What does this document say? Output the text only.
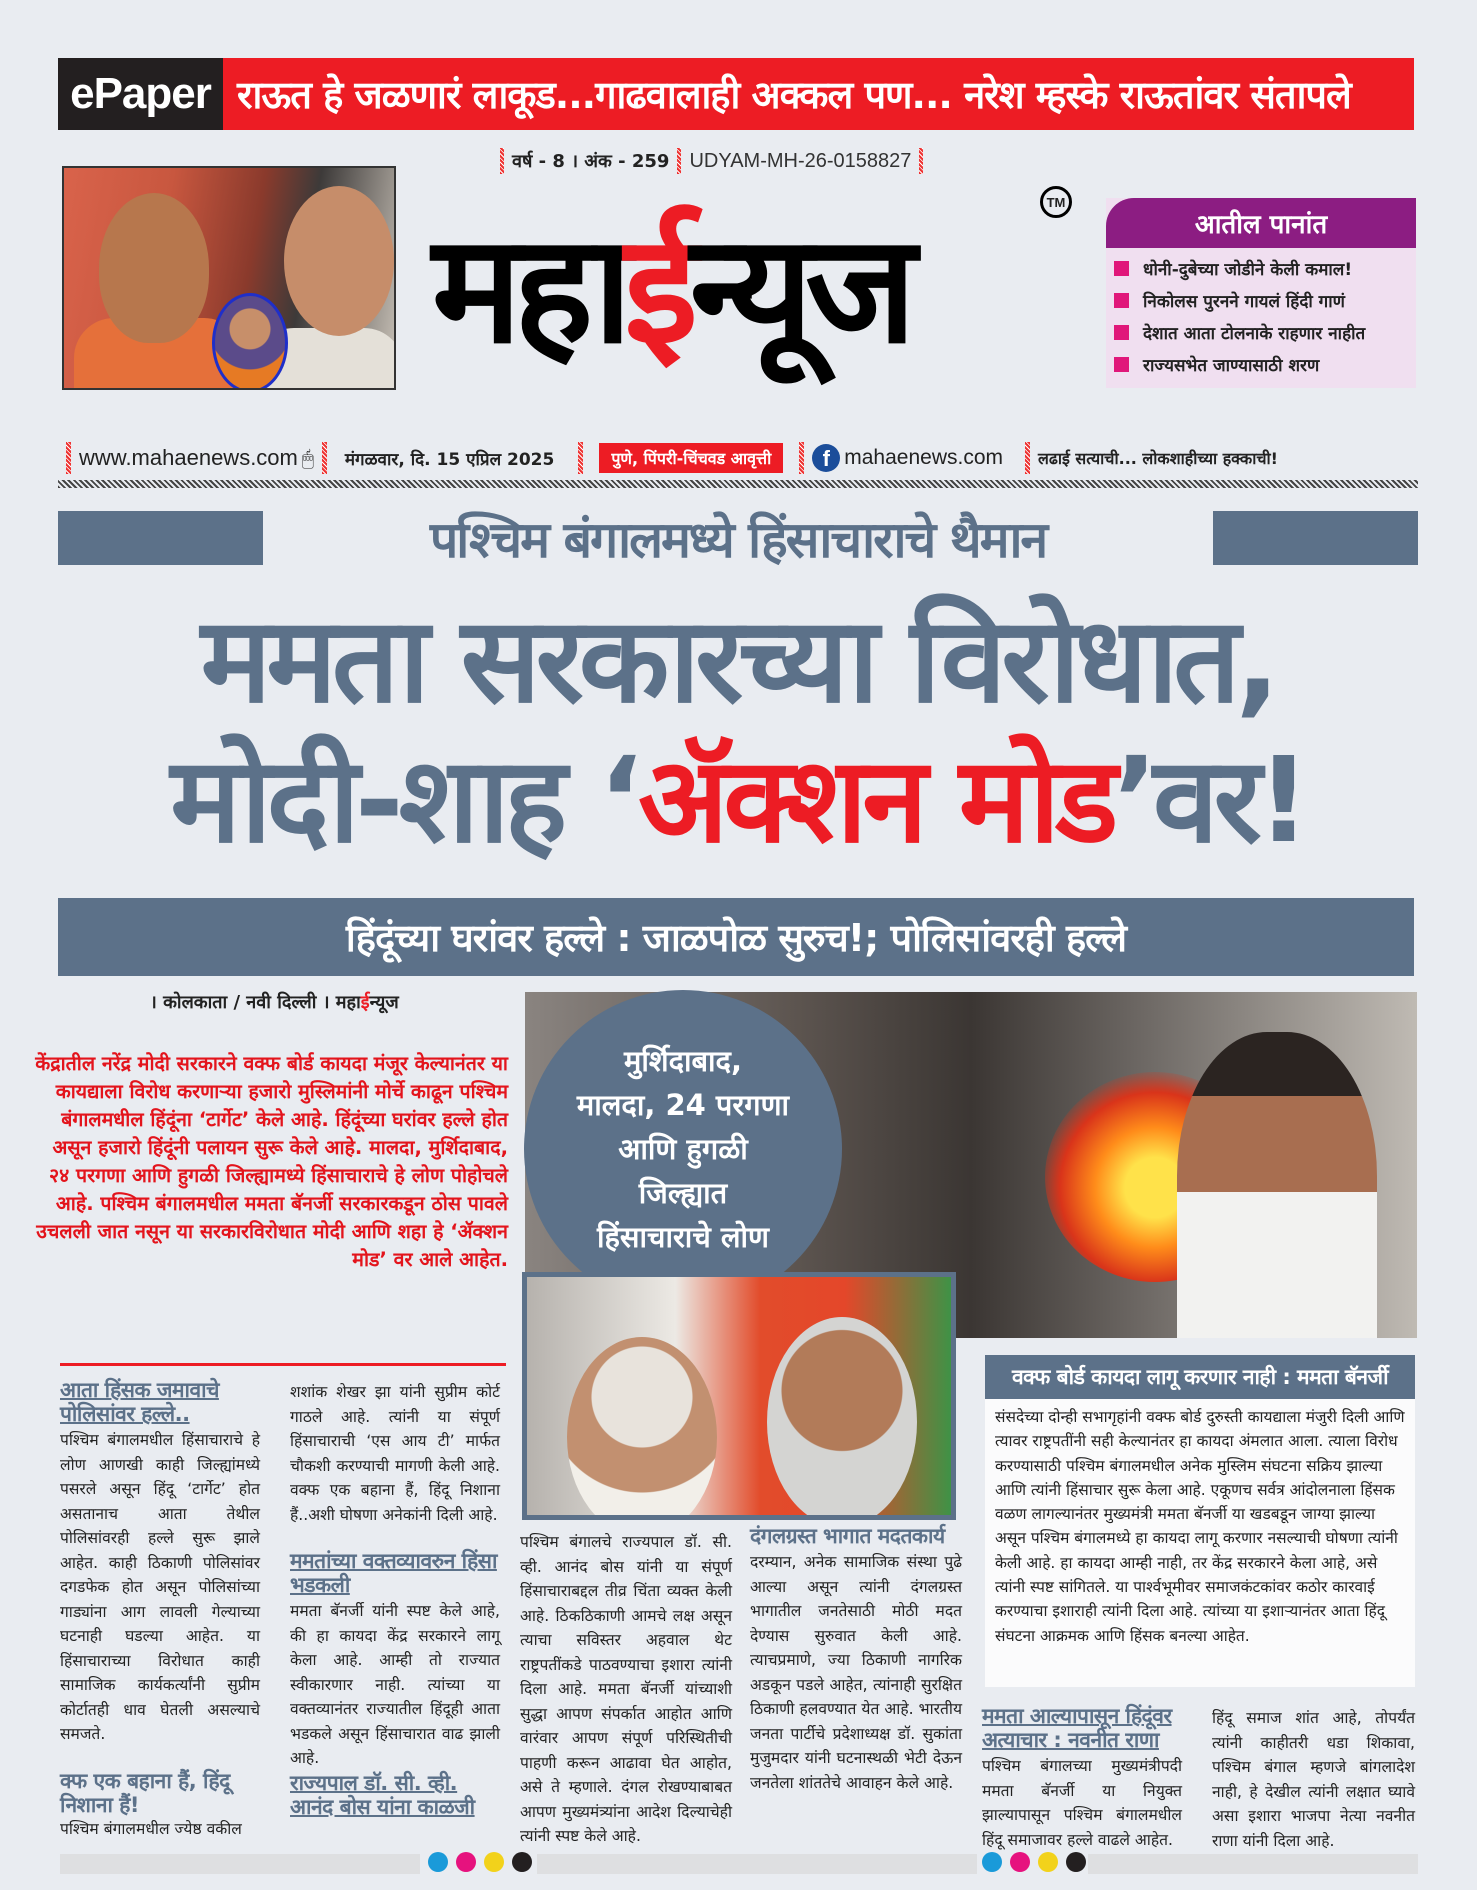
ePaper राऊत हे जळणारं लाकूड...गाढवालाही अक्कल पण... नरेश म्हस्के राऊतांवर संतापले
वर्ष - 8 । अंक - 259 UDYAM-MH-26-0158827
महाईन्यूज
TM
आतील पानांत
धोनी-दुबेच्या जोडीने केली कमाल!
निकोलस पुरनने गायलं हिंदी गाणं
देशात आता टोलनाके राहणार नाहीत
राज्यसभेत जाण्यासाठी शरण
www.mahaenews.com 🖱 मंगळवार, दि. 15 एप्रिल 2025	पुणे, पिंपरी-चिंचवड आवृत्ती	f mahaenews.com लढाई सत्याची... लोकशाहीच्या हक्काची!
पश्चिम बंगालमध्ये हिंसाचाराचे थैमान
ममता सरकारच्या विरोधात,
मोदी-शाह ‘ॲक्शन मोड’वर!
हिंदूंच्या घरांवर हल्ले : जाळपोळ सुरुच!; पोलिसांवरही हल्ले
। कोलकाता / नवी दिल्ली । महाईन्यूज
केंद्रातील नरेंद्र मोदी सरकारने वक्फ बोर्ड कायदा मंजूर केल्यानंतर या कायद्याला विरोध करणाऱ्या हजारो मुस्लिमांनी मोर्चे काढून पश्चिम बंगालमधील हिंदूंना ‘टार्गेट’ केले आहे. हिंदूंच्या घरांवर हल्ले होत असून हजारो हिंदूंनी पलायन सुरू केले आहे. मालदा, मुर्शिदाबाद, २४ परगणा आणि हुगळी जिल्ह्यामध्ये हिंसाचाराचे हे लोण पोहोचले आहे. पश्चिम बंगालमधील ममता बॅनर्जी सरकारकडून ठोस पावले उचलली जात नसून या सरकारविरोधात मोदी आणि शहा हे ‘ॲक्शन मोड’ वर आले आहेत.
मुर्शिदाबाद,
मालदा, 24 परगणा
आणि हुगळी
जिल्ह्यात
हिंसाचाराचे लोण
वक्फ बोर्ड कायदा लागू करणार नाही : ममता बॅनर्जी
संसदेच्या दोन्ही सभागृहांनी वक्फ बोर्ड दुरुस्ती कायद्याला मंजुरी दिली आणि त्यावर राष्ट्रपतींनी सही केल्यानंतर हा कायदा अंमलात आला. त्याला विरोध करण्यासाठी पश्चिम बंगालमधील अनेक मुस्लिम संघटना सक्रिय झाल्या आणि त्यांनी हिंसाचार सुरू केला आहे. एकूणच सर्वत्र आंदोलनाला हिंसक वळण लागल्यानंतर मुख्यमंत्री ममता बॅनर्जी या खडबडून जाग्या झाल्या असून पश्चिम बंगालमध्ये हा कायदा लागू करणार नसल्याची घोषणा त्यांनी केली आहे. हा कायदा आम्ही नाही, तर केंद्र सरकारने केला आहे, असे त्यांनी स्पष्ट सांगितले. या पार्श्वभूमीवर समाजकंटकांवर कठोर कारवाई करण्याचा इशाराही त्यांनी दिला आहे. त्यांच्या या इशाऱ्यानंतर आता हिंदू संघटना आक्रमक आणि हिंसक बनल्या आहेत.
आता हिंसक जमावाचे पोलिसांवर हल्ले..
पश्चिम बंगालमधील हिंसाचाराचे हे लोण आणखी काही जिल्ह्यांमध्ये पसरले असून हिंदू ‘टार्गेट’ होत असतानाच आता तेथील पोलिसांवरही हल्ले सुरू झाले आहेत. काही ठिकाणी पोलिसांवर दगडफेक होत असून पोलिसांच्या गाड्यांना आग लावली गेल्याच्या घटनाही घडल्या आहेत. या हिंसाचाराच्या विरोधात काही सामाजिक कार्यकर्त्यांनी सुप्रीम कोर्टातही धाव घेतली असल्याचे समजते.
क्फ एक बहाना हैं, हिंदू निशाना हैं!
पश्चिम बंगालमधील ज्येष्ठ वकील
शशांक शेखर झा यांनी सुप्रीम कोर्ट गाठले आहे. त्यांनी या संपूर्ण हिंसाचाराची ‘एस आय टी’ मार्फत चौकशी करण्याची मागणी केली आहे. वक्फ एक बहाना हैं, हिंदू निशाना हैं..अशी घोषणा अनेकांनी दिली आहे.
ममतांच्या वक्तव्यावरुन हिंसा भडकली
ममता बॅनर्जी यांनी स्पष्ट केले आहे, की हा कायदा केंद्र सरकारने लागू केला आहे. आम्ही तो राज्यात स्वीकारणार नाही. त्यांच्या या वक्तव्यानंतर राज्यातील हिंदूही आता भडकले असून हिंसाचारात वाढ झाली आहे.
राज्यपाल डॉ. सी. व्ही. आनंद बोस यांना काळजी
पश्चिम बंगालचे राज्यपाल डॉ. सी. व्ही. आनंद बोस यांनी या संपूर्ण हिंसाचाराबद्दल तीव्र चिंता व्यक्त केली आहे. ठिकठिकाणी आमचे लक्ष असून त्याचा सविस्तर अहवाल थेट राष्ट्रपतींकडे पाठवण्याचा इशारा त्यांनी दिला आहे. ममता बॅनर्जी यांच्याशी सुद्धा आपण संपर्कात आहोत आणि वारंवार आपण संपूर्ण परिस्थितीची पाहणी करून आढावा घेत आहोत, असे ते म्हणाले. दंगल रोखण्याबाबत आपण मुख्यमंत्र्यांना आदेश दिल्याचेही त्यांनी स्पष्ट केले आहे.
दंगलग्रस्त भागात मदतकार्य
दरम्यान, अनेक सामाजिक संस्था पुढे आल्या असून त्यांनी दंगलग्रस्त भागातील जनतेसाठी मोठी मदत देण्यास सुरुवात केली आहे. त्याचप्रमाणे, ज्या ठिकाणी नागरिक अडकून पडले आहेत, त्यांनाही सुरक्षित ठिकाणी हलवण्यात येत आहे. भारतीय जनता पार्टीचे प्रदेशाध्यक्ष डॉ. सुकांता मुजुमदार यांनी घटनास्थळी भेटी देऊन जनतेला शांततेचे आवाहन केले आहे.
ममता आल्यापासून हिंदूंवर अत्याचार : नवनीत राणा
पश्चिम बंगालच्या मुख्यमंत्रीपदी ममता बॅनर्जी या नियुक्त झाल्यापासून पश्चिम बंगालमधील हिंदू समाजावर हल्ले वाढले आहेत.
हिंदू समाज शांत आहे, तोपर्यंत त्यांनी काहीतरी धडा शिकावा, पश्चिम बंगाल म्हणजे बांगलादेश नाही, हे देखील त्यांनी लक्षात घ्यावे असा इशारा भाजपा नेत्या नवनीत राणा यांनी दिला आहे.
